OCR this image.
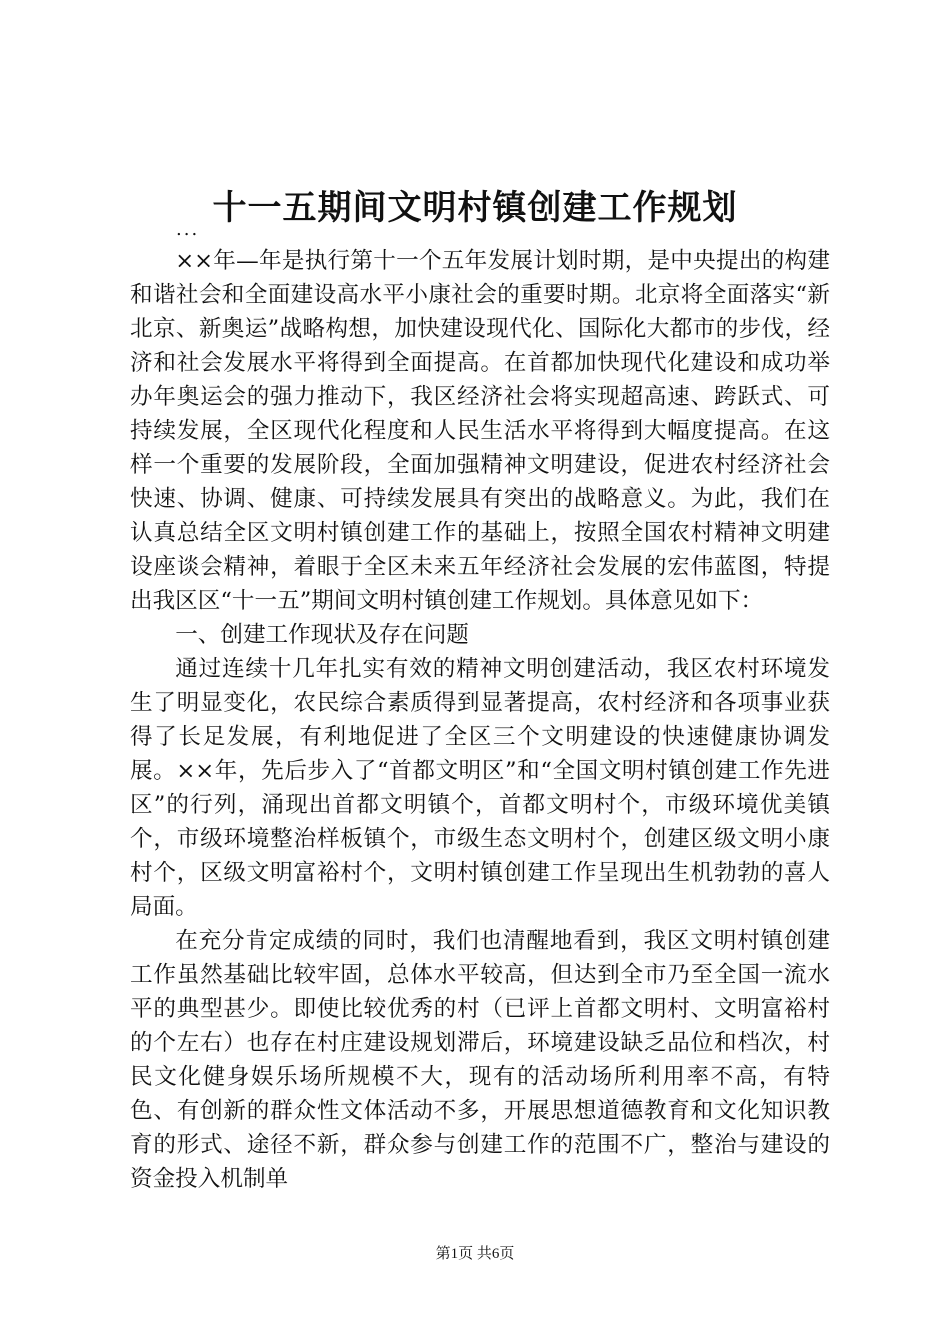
十一五期间文明村镇创建工作规划
...

××年—年是执行第十一个五年发展计划时期，是中央提出的构建和谐社会和全面建设高水平小康社会的重要时期。北京将全面落实“新北京、新奥运”战略构想，加快建设现代化、国际化大都市的步伐，经济和社会发展水平将得到全面提高。在首都加快现代化建设和成功举办年奥运会的强力推动下，我区经济社会将实现超高速、跨跃式、可持续发展，全区现代化程度和人民生活水平将得到大幅度提高。在这样一个重要的发展阶段，全面加强精神文明建设，促进农村经济社会快速、协调、健康、可持续发展具有突出的战略意义。为此，我们在认真总结全区文明村镇创建工作的基础上，按照全国农村精神文明建设座谈会精神，着眼于全区未来五年经济社会发展的宏伟蓝图，特提出我区区“十一五”期间文明村镇创建工作规划。具体意见如下：

一、创建工作现状及存在问题

通过连续十几年扎实有效的精神文明创建活动，我区农村环境发生了明显变化，农民综合素质得到显著提高，农村经济和各项事业获得了长足发展，有利地促进了全区三个文明建设的快速健康协调发展。××年，先后步入了“首都文明区”和“全国文明村镇创建工作先进区”的行列，涌现出首都文明镇个，首都文明村个，市级环境优美镇个，市级环境整治样板镇个，市级生态文明村个，创建区级文明小康村个，区级文明富裕村个，文明村镇创建工作呈现出生机勃勃的喜人局面。

在充分肯定成绩的同时，我们也清醒地看到，我区文明村镇创建工作虽然基础比较牢固，总体水平较高，但达到全市乃至全国一流水平的典型甚少。即使比较优秀的村（已评上首都文明村、文明富裕村的个左右）也存在村庄建设规划滞后，环境建设缺乏品位和档次，村民文化健身娱乐场所规模不大，现有的活动场所利用率不高，有特色、有创新的群众性文体活动不多，开展思想道德教育和文化知识教育的形式、途径不新，群众参与创建工作的范围不广，整治与建设的资金投入机制单

第1页 共6页
